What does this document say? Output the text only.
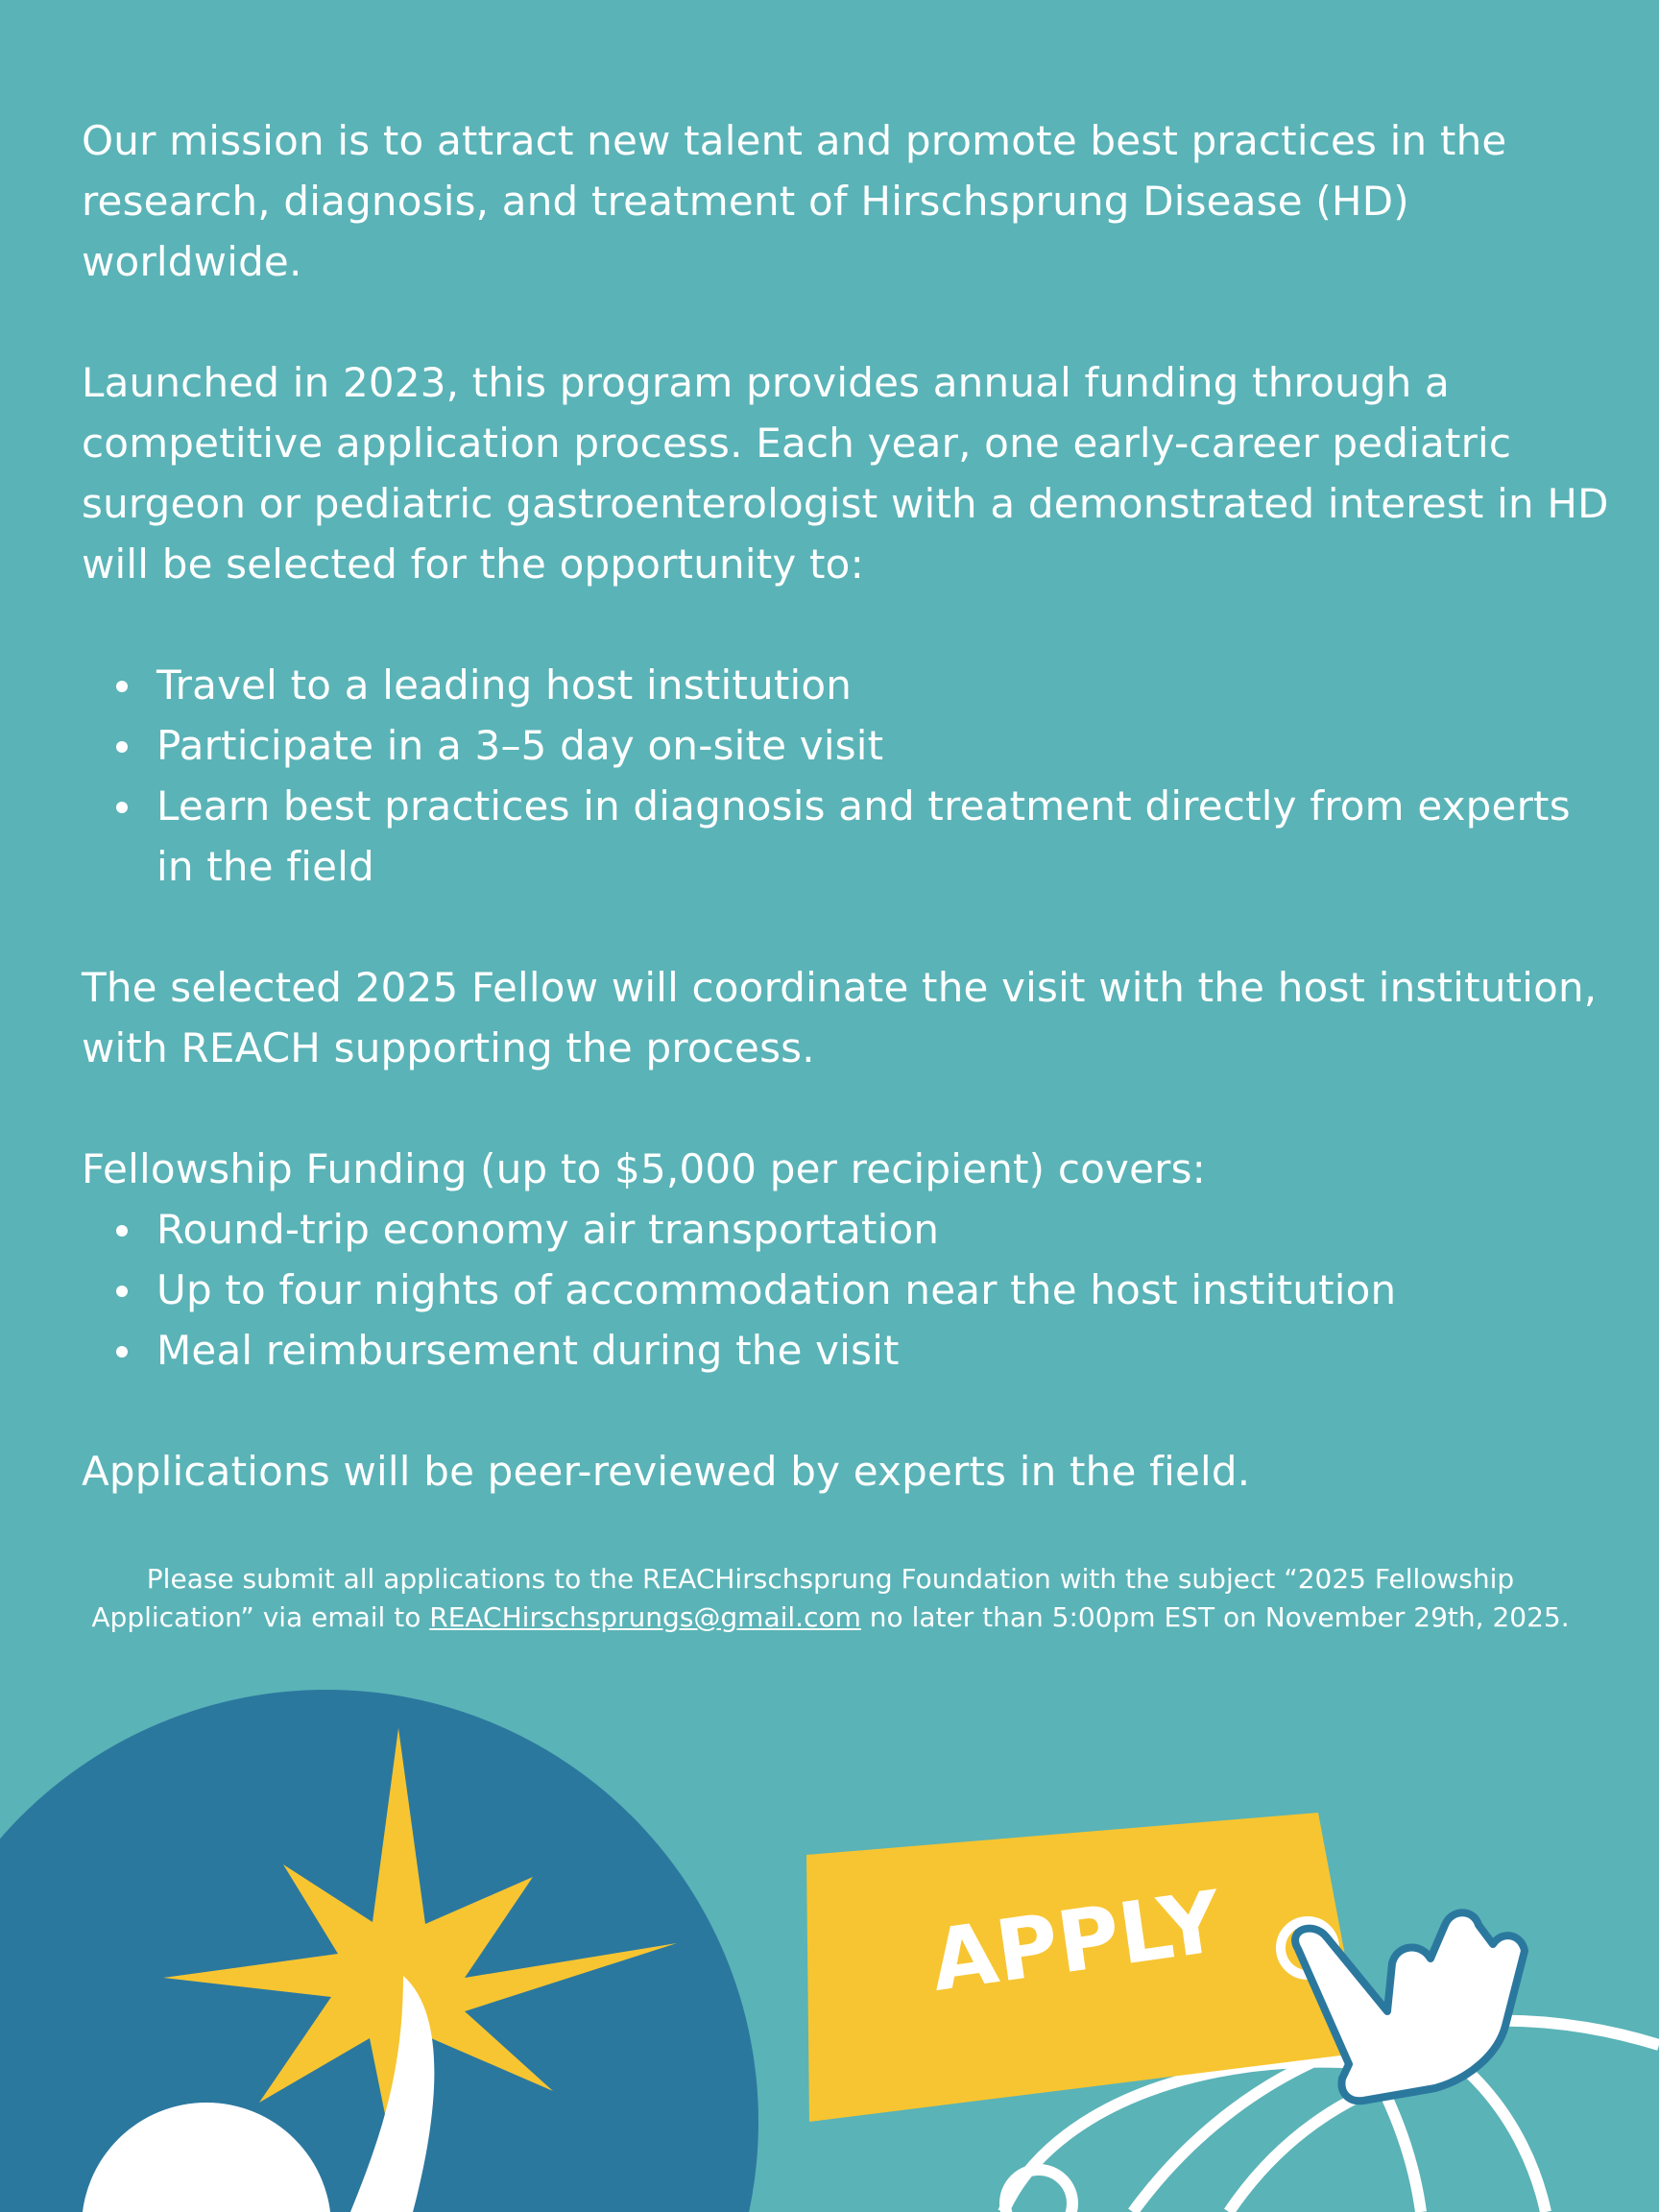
Our mission is to attract new talent and promote best practices in the research, diagnosis, and treatment of Hirschsprung Disease (HD) worldwide.

Launched in 2023, this program provides annual funding through a competitive application process. Each year, one early-career pediatric surgeon or pediatric gastroenterologist with a demonstrated interest in HD will be selected for the opportunity to:

Travel to a leading host institution
Participate in a 3–5 day on-site visit
Learn best practices in diagnosis and treatment directly from experts in the field

The selected 2025 Fellow will coordinate the visit with the host institution, with REACH supporting the process.

Fellowship Funding (up to $5,000 per recipient) covers:

Round-trip economy air transportation
Up to four nights of accommodation near the host institution
Meal reimbursement during the visit

Applications will be peer-reviewed by experts in the field.

Please submit all applications to the REACHirschsprung Foundation with the subject “2025 Fellowship Application” via email to REACHirschsprungs@gmail.com no later than 5:00pm EST on November 29th, 2025.
APPLY
